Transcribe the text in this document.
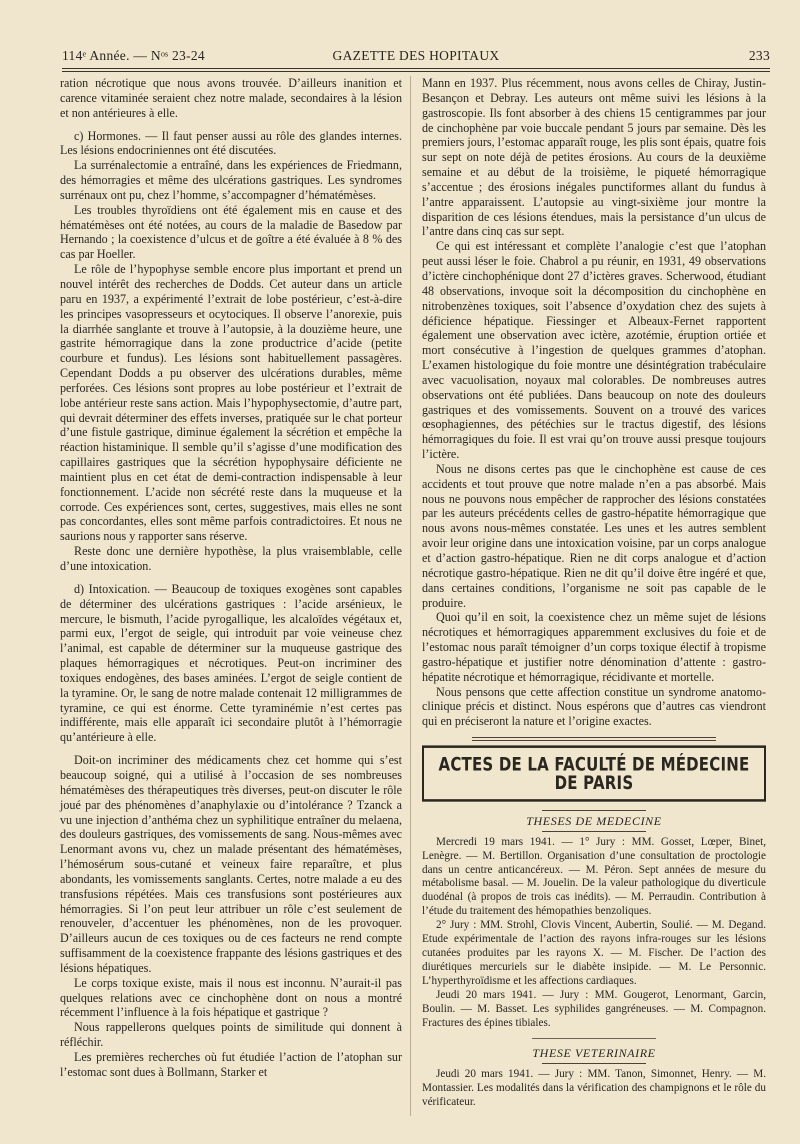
114ᵉ Année. — Nᵒˢ 23-24	GAZETTE DES HOPITAUX	233

ration nécrotique que nous avons trouvée. D’ailleurs inanition et carence vitaminée seraient chez notre malade, secondaires à la lésion et non antérieures à elle.

c) Hormones. — Il faut penser aussi au rôle des glandes internes. Les lésions endocriniennes ont été discutées.

La surrénalectomie a entraîné, dans les expériences de Friedmann, des hémorragies et même des ulcérations gastriques. Les syndromes surrénaux ont pu, chez l’homme, s’accompagner d’hématémèses.

Les troubles thyroïdiens ont été également mis en cause et des hématémèses ont été notées, au cours de la maladie de Basedow par Hernando ; la coexistence d’ulcus et de goître a été évaluée à 8 % des cas par Hoeller.

Le rôle de l’hypophyse semble encore plus important et prend un nouvel intérêt des recherches de Dodds. Cet auteur dans un article paru en 1937, a expérimenté l’extrait de lobe postérieur, c’est-à-dire les principes vasopresseurs et ocytociques. Il observe l’anorexie, puis la diarrhée sanglante et trouve à l’autopsie, à la douzième heure, une gastrite hémorragique dans la zone productrice d’acide (petite courbure et fundus). Les lésions sont habituellement passagères. Cependant Dodds a pu observer des ulcérations durables, même perforées. Ces lésions sont propres au lobe postérieur et l’extrait de lobe antérieur reste sans action. Mais l’hypophysectomie, d’autre part, qui devrait déterminer des effets inverses, pratiquée sur le chat porteur d’une fistule gastrique, diminue également la sécrétion et empêche la réaction histaminique. Il semble qu’il s’agisse d’une modification des capillaires gastriques que la sécrétion hypophysaire déficiente ne maintient plus en cet état de demi-contraction indispensable à leur fonctionnement. L’acide non sécrété reste dans la muqueuse et la corrode. Ces expériences sont, certes, suggestives, mais elles ne sont pas concordantes, elles sont même parfois contradictoires. Et nous ne saurions nous y rapporter sans réserve.

Reste donc une dernière hypothèse, la plus vraisemblable, celle d’une intoxication.

d) Intoxication. — Beaucoup de toxiques exogènes sont capables de déterminer des ulcérations gastriques : l’acide arsénieux, le mercure, le bismuth, l’acide pyrogallique, les alcaloïdes végétaux et, parmi eux, l’ergot de seigle, qui introduit par voie veineuse chez l’animal, est capable de déterminer sur la muqueuse gastrique des plaques hémorragiques et nécrotiques. Peut-on incriminer des toxiques endogènes, des bases aminées. L’ergot de seigle contient de la tyramine. Or, le sang de notre malade contenait 12 milligrammes de tyramine, ce qui est énorme. Cette tyraminémie n’est certes pas indifférente, mais elle apparaît ici secondaire plutôt à l’hémorragie qu’antérieure à elle.

Doit-on incriminer des médicaments chez cet homme qui s’est beaucoup soigné, qui a utilisé à l’occasion de ses nombreuses hématémèses des thérapeutiques très diverses, peut-on discuter le rôle joué par des phénomènes d’anaphylaxie ou d’intolérance ? Tzanck a vu une injection d’anthéma chez un syphilitique entraîner du melaena, des douleurs gastriques, des vomissements de sang. Nous-mêmes avec Lenormant avons vu, chez un malade présentant des hématémèses, l’hémosérum sous-cutané et veineux faire reparaître, et plus abondants, les vomissements sanglants. Certes, notre malade a eu des transfusions répétées. Mais ces transfusions sont postérieures aux hémorragies. Si l’on peut leur attribuer un rôle c’est seulement de renouveler, d’accentuer les phénomènes, non de les provoquer. D’ailleurs aucun de ces toxiques ou de ces facteurs ne rend compte suffisamment de la coexistence frappante des lésions gastriques et des lésions hépatiques.

Le corps toxique existe, mais il nous est inconnu. N’aurait-il pas quelques relations avec ce cinchophène dont on nous a montré récemment l’influence à la fois hépatique et gastrique ?

Nous rappellerons quelques points de similitude qui donnent à réfléchir.

Les premières recherches où fut étudiée l’action de l’atophan sur l’estomac sont dues à Bollmann, Starker et

Mann en 1937. Plus récemment, nous avons celles de Chiray, Justin-Besançon et Debray. Les auteurs ont même suivi les lésions à la gastroscopie. Ils font absorber à des chiens 15 centigrammes par jour de cinchophène par voie buccale pendant 5 jours par semaine. Dès les premiers jours, l’estomac apparaît rouge, les plis sont épais, quatre fois sur sept on note déjà de petites érosions. Au cours de la deuxième semaine et au début de la troisième, le piqueté hémorragique s’accentue ; des érosions inégales punctiformes allant du fundus à l’antre apparaissent. L’autopsie au vingt-sixième jour montre la disparition de ces lésions étendues, mais la persistance d’un ulcus de l’antre dans cinq cas sur sept.

Ce qui est intéressant et complète l’analogie c’est que l’atophan peut aussi léser le foie. Chabrol a pu réunir, en 1931, 49 observations d’ictère cinchophénique dont 27 d’ictères graves. Scherwood, étudiant 48 observations, invoque soit la décomposition du cinchophène en nitrobenzènes toxiques, soit l’absence d’oxydation chez des sujets à déficience hépatique. Fiessinger et Albeaux-Fernet rapportent également une observation avec ictère, azotémie, éruption ortiée et mort consécutive à l’ingestion de quelques grammes d’atophan. L’examen histologique du foie montre une désintégration trabéculaire avec vacuolisation, noyaux mal colorables. De nombreuses autres observations ont été publiées. Dans beaucoup on note des douleurs gastriques et des vomissements. Souvent on a trouvé des varices œsophagiennes, des pétéchies sur le tractus digestif, des lésions hémorragiques du foie. Il est vrai qu’on trouve aussi presque toujours l’ictère.

Nous ne disons certes pas que le cinchophène est cause de ces accidents et tout prouve que notre malade n’en a pas absorbé. Mais nous ne pouvons nous empêcher de rapprocher des lésions constatées par les auteurs précédents celles de gastro-hépatite hémorragique que nous avons nous-mêmes constatée. Les unes et les autres semblent avoir leur origine dans une intoxication voisine, par un corps analogue et d’action gastro-hépatique. Rien ne dit corps analogue et d’action nécrotique gastro-hépatique. Rien ne dit qu’il doive être ingéré et que, dans certaines conditions, l’organisme ne soit pas capable de le produire.

Quoi qu’il en soit, la coexistence chez un même sujet de lésions nécrotiques et hémorragiques apparemment exclusives du foie et de l’estomac nous paraît témoigner d’un corps toxique électif à tropisme gastro-hépatique et justifier notre dénomination d’attente : gastro-hépatite nécrotique et hémorragique, récidivante et mortelle.

Nous pensons que cette affection constitue un syndrome anatomo-clinique précis et distinct. Nous espérons que d’autres cas viendront qui en préciseront la nature et l’origine exactes.

ACTES DE LA FACULTÉ DE MÉDECINE DE PARIS
THESES DE MEDECINE

Mercredi 19 mars 1941. — 1° Jury : MM. Gosset, Lœper, Binet, Lenègre. — M. Bertillon. Organisation d’une consultation de proctologie dans un centre anticancéreux. — M. Péron. Sept années de mesure du métabolisme basal. — M. Jouelin. De la valeur pathologique du diverticule duodénal (à propos de trois cas inédits). — M. Perraudin. Contribution à l’étude du traitement des hémopathies benzoliques.

2° Jury : MM. Strohl, Clovis Vincent, Aubertin, Soulié. — M. Degand. Etude expérimentale de l’action des rayons infra-rouges sur les lésions cutanées produites par les rayons X. — M. Fischer. De l’action des diurétiques mercuriels sur le diabète insipide. — M. Le Personnic. L’hyperthyroïdisme et les affections cardiaques.

Jeudi 20 mars 1941. — Jury : MM. Gougerot, Lenormant, Garcin, Boulin. — M. Basset. Les syphilides gangréneuses. — M. Compagnon. Fractures des épines tibiales.

THESE VETERINAIRE

Jeudi 20 mars 1941. — Jury : MM. Tanon, Simonnet, Henry. — M. Montassier. Les modalités dans la vérification des champignons et le rôle du vérificateur.
